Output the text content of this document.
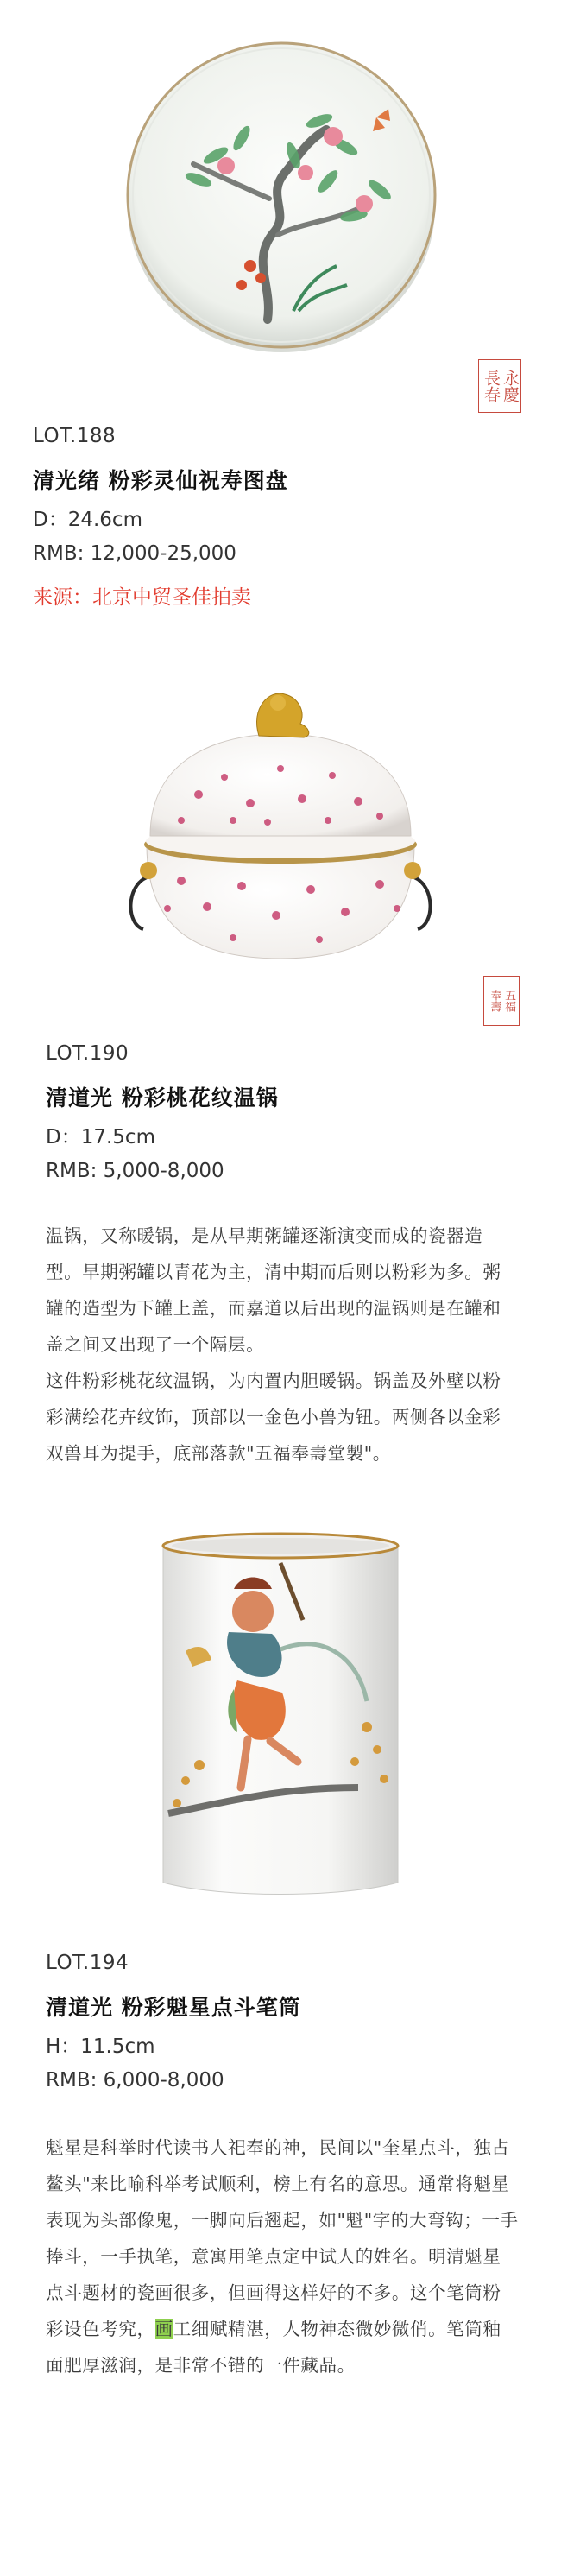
永慶
長春
LOT.188
清光绪 粉彩灵仙祝寿图盘
D：24.6cm
RMB: 12,000-25,000
来源：北京中贸圣佳拍卖
五福
奉壽
LOT.190
清道光 粉彩桃花纹温锅
D：17.5cm
RMB: 5,000-8,000

温锅，又称暖锅，是从早期粥罐逐渐演变而成的瓷器造型。早期粥罐以青花为主，清中期而后则以粉彩为多。粥罐的造型为下罐上盖，而嘉道以后出现的温锅则是在罐和盖之间又出现了一个隔层。

这件粉彩桃花纹温锅，为内置内胆暖锅。锅盖及外壁以粉彩满绘花卉纹饰，顶部以一金色小兽为钮。两侧各以金彩双兽耳为提手，底部落款"五福奉壽堂製"。

LOT.194
清道光 粉彩魁星点斗笔筒
H：11.5cm
RMB: 6,000-8,000

魁星是科举时代读书人祀奉的神，民间以"奎星点斗，独占鳌头"来比喻科举考试顺利，榜上有名的意思。通常将魁星表现为头部像鬼，一脚向后翘起，如"魁"字的大弯钩；一手捧斗，一手执笔，意寓用笔点定中试人的姓名。明清魁星点斗题材的瓷画很多，但画得这样好的不多。这个笔筒粉彩设色考究，画工细赋精湛，人物神态微妙微俏。笔筒釉面肥厚滋润，是非常不错的一件藏品。
